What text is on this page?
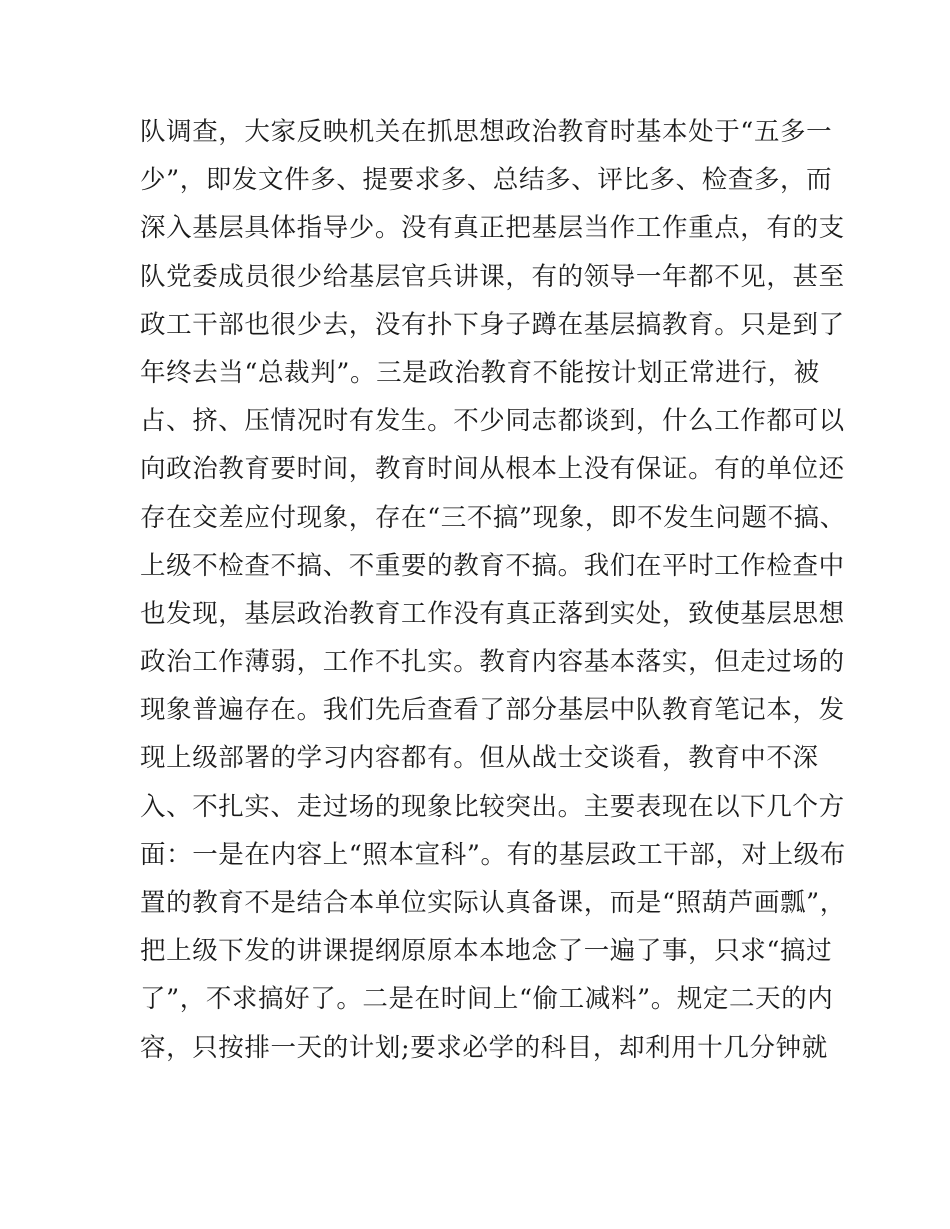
队调查，大家反映机关在抓思想政治教育时基本处于“五多一
少”，即发文件多、提要求多、总结多、评比多、检查多，而
深入基层具体指导少。没有真正把基层当作工作重点，有的支
队党委成员很少给基层官兵讲课，有的领导一年都不见，甚至
政工干部也很少去，没有扑下身子蹲在基层搞教育。只是到了
年终去当“总裁判”。三是政治教育不能按计划正常进行，被
占、挤、压情况时有发生。不少同志都谈到，什么工作都可以
向政治教育要时间，教育时间从根本上没有保证。有的单位还
存在交差应付现象，存在“三不搞”现象，即不发生问题不搞、
上级不检查不搞、不重要的教育不搞。我们在平时工作检查中
也发现，基层政治教育工作没有真正落到实处，致使基层思想
政治工作薄弱，工作不扎实。教育内容基本落实，但走过场的
现象普遍存在。我们先后查看了部分基层中队教育笔记本，发
现上级部署的学习内容都有。但从战士交谈看，教育中不深
入、不扎实、走过场的现象比较突出。主要表现在以下几个方
面：一是在内容上“照本宣科”。有的基层政工干部，对上级布
置的教育不是结合本单位实际认真备课，而是“照葫芦画瓢”，
把上级下发的讲课提纲原原本本地念了一遍了事，只求“搞过
了”，不求搞好了。二是在时间上“偷工减料”。规定二天的内
容，只按排一天的计划;要求必学的科目，却利用十几分钟就
